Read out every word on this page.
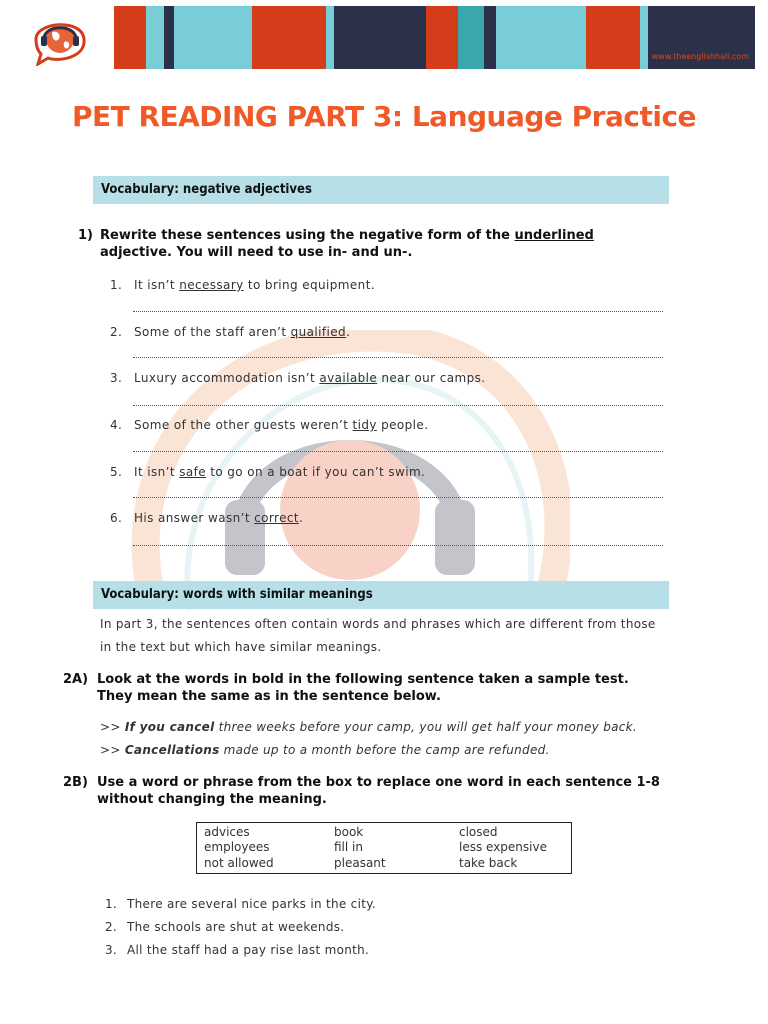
www.theenglishhall.com
PET READING PART 3: Language Practice
Vocabulary: negative adjectives
1) Rewrite these sentences using the negative form of the underlined adjective. You will need to use in- and un-.
1. It isn’t necessary to bring equipment.
2. Some of the staff aren’t qualified.
3. Luxury accommodation isn’t available near our camps.
4. Some of the other guests weren’t tidy people.
5. It isn’t safe to go on a boat if you can’t swim.
6. His answer wasn’t correct.
Vocabulary: words with similar meanings
In part 3, the sentences often contain words and phrases which are different from those in the text but which have similar meanings.
2A) Look at the words in bold in the following sentence taken a sample test. They mean the same as in the sentence below.
>> If you cancel three weeks before your camp, you will get half your money back.
>> Cancellations made up to a month before the camp are refunded.
2B) Use a word or phrase from the box to replace one word in each sentence 1-8 without changing the meaning.
advices	book	closed
employees	fill in	less expensive
not allowed	pleasant	take back
1. There are several nice parks in the city.
2. The schools are shut at weekends.
3. All the staff had a pay rise last month.
